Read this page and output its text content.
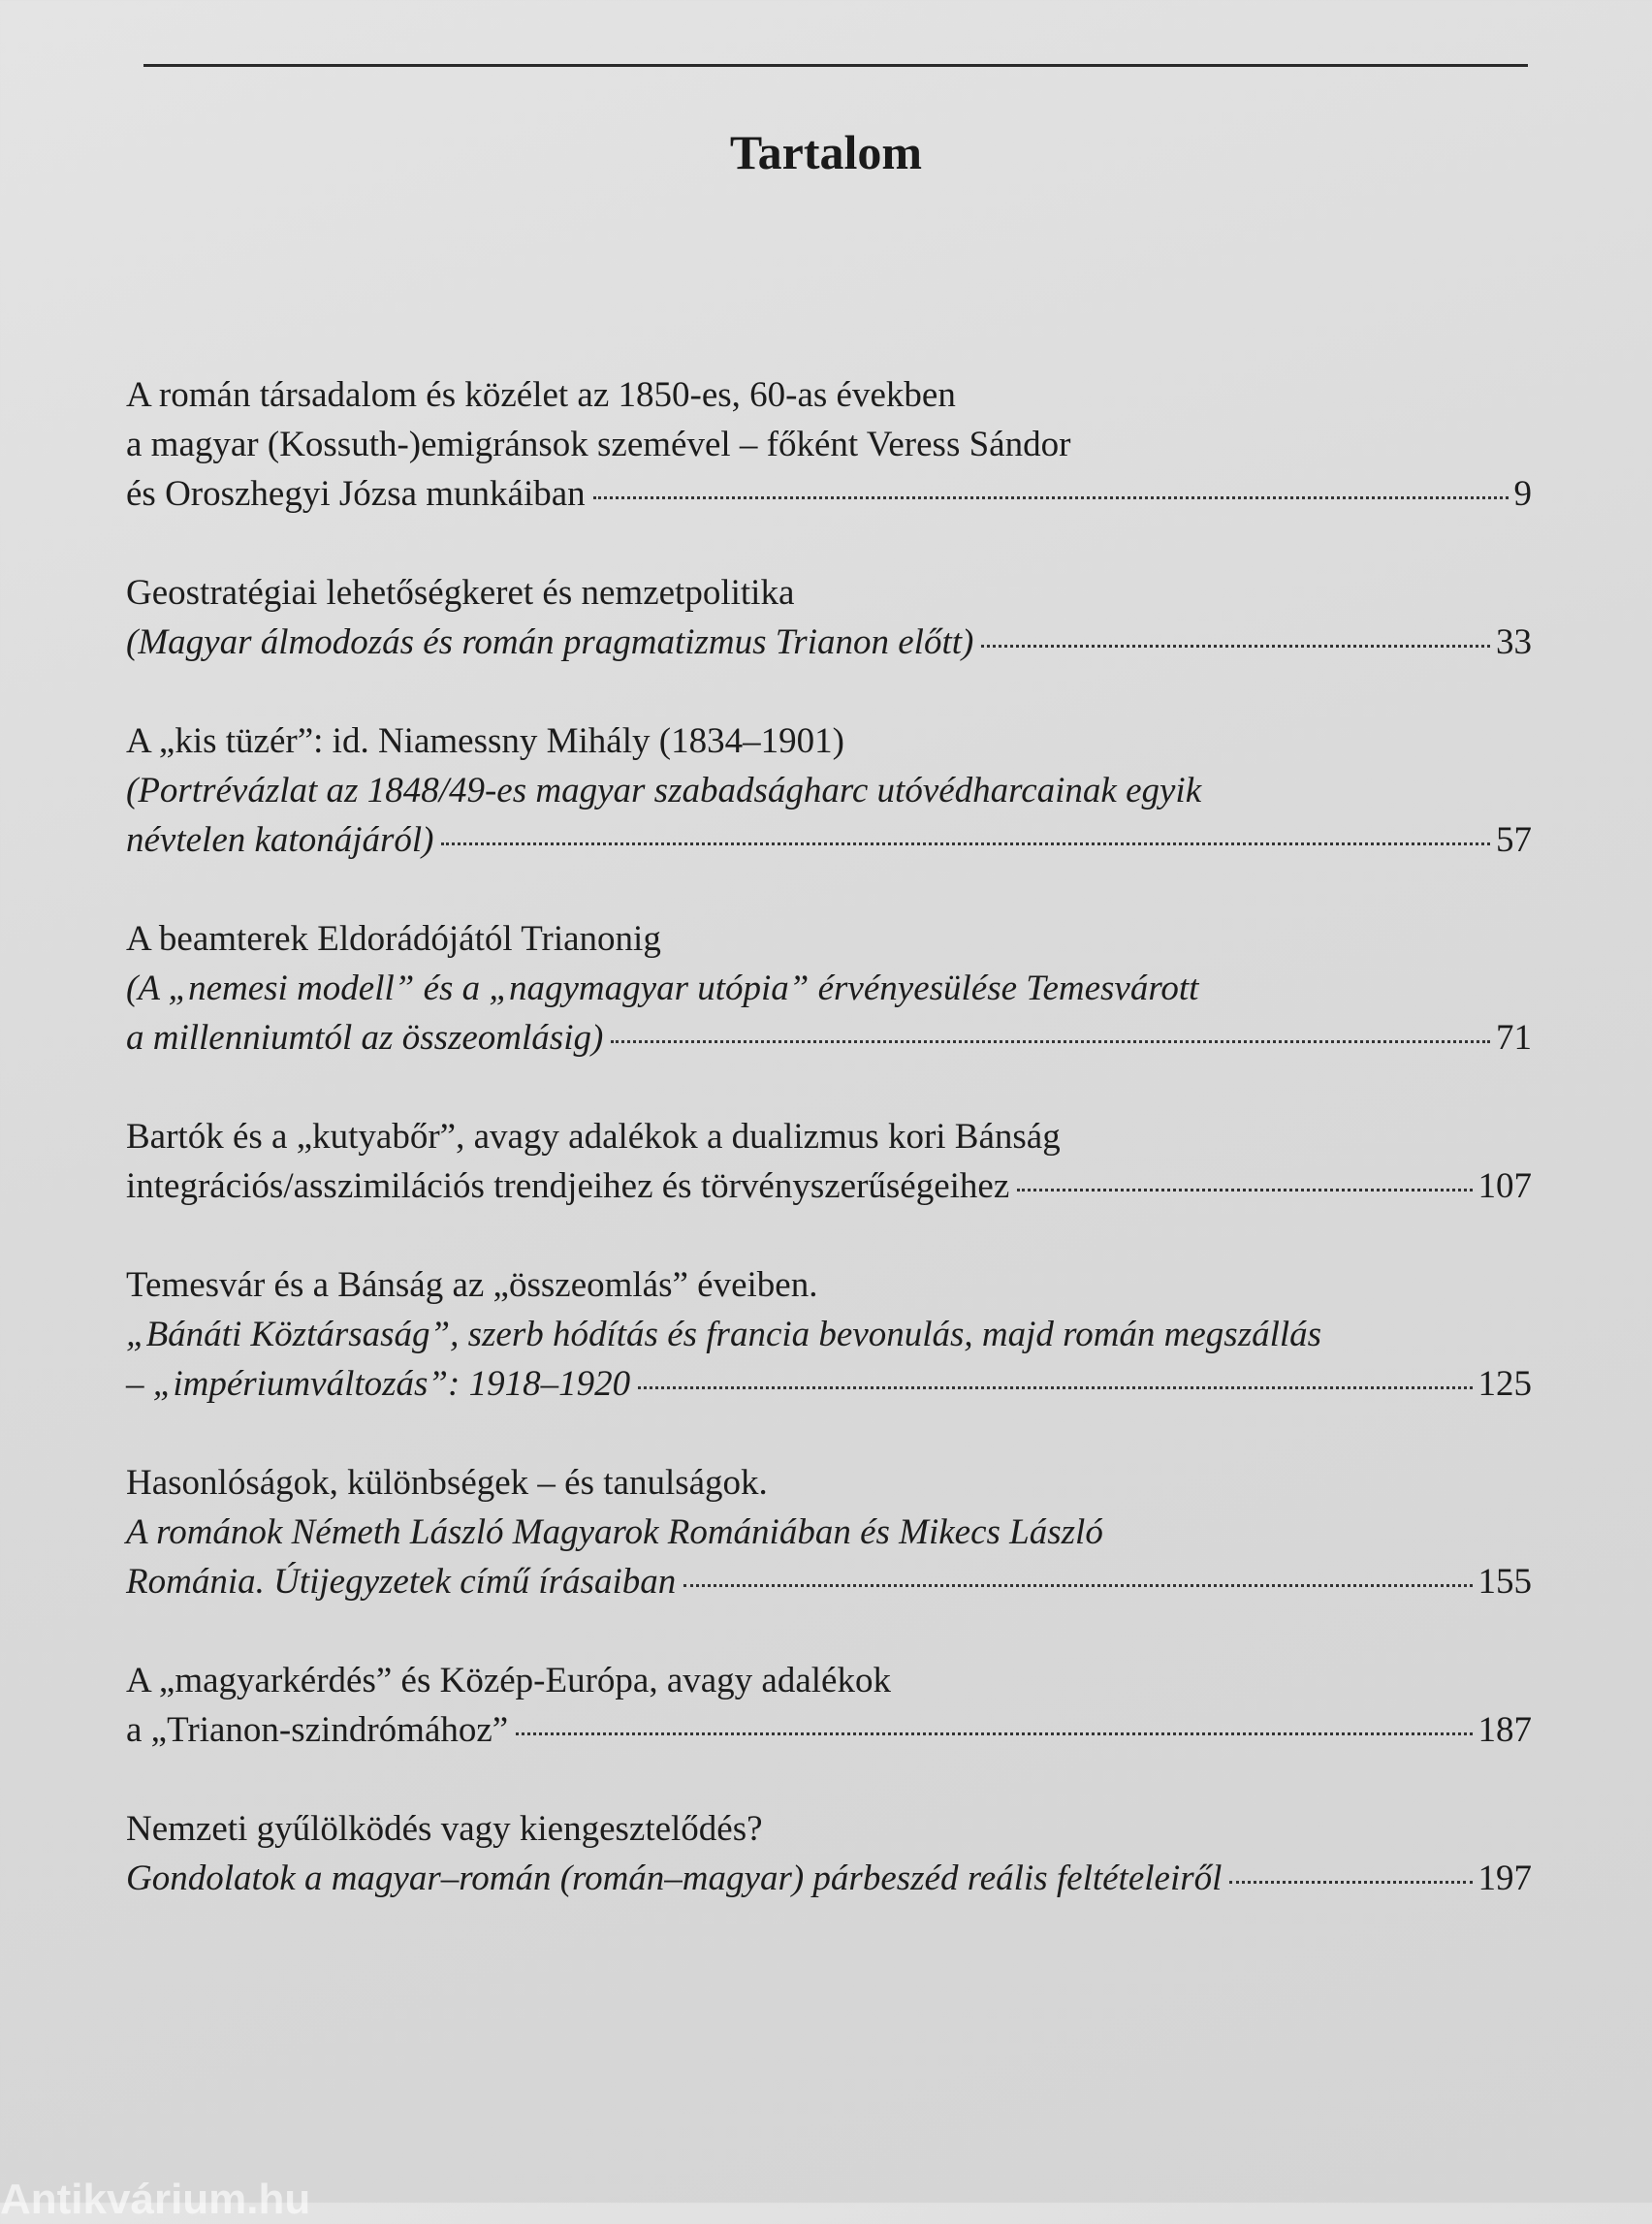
Tartalom
A román társadalom és közélet az 1850-es, 60-as években
a magyar (Kossuth-)emigránsok szemével – főként Veress Sándor
és Oroszhegyi Józsa munkáiban	9
Geostratégiai lehetőségkeret és nemzetpolitika
(Magyar álmodozás és román pragmatizmus Trianon előtt)	33
A „kis tüzér”: id. Niamessny Mihály (1834–1901)
(Portrévázlat az 1848/49-es magyar szabadságharc utóvédharcainak egyik
névtelen katonájáról)	57
A beamterek Eldorádójától Trianonig
(A „nemesi modell” és a „nagymagyar utópia” érvényesülése Temesvárott
a millenniumtól az összeomlásig)	71
Bartók és a „kutyabőr”, avagy adalékok a dualizmus kori Bánság
integrációs/asszimilációs trendjeihez és törvényszerűségeihez	107
Temesvár és a Bánság az „összeomlás” éveiben.
„Bánáti Köztársaság”, szerb hódítás és francia bevonulás, majd román megszállás
– „impériumváltozás”: 1918–1920	125
Hasonlóságok, különbségek – és tanulságok.
A románok Németh László Magyarok Romániában és Mikecs László
Románia. Útijegyzetek című írásaiban	155
A „magyarkérdés” és Közép-Európa, avagy adalékok
a „Trianon-szindrómához”	187
Nemzeti gyűlölködés vagy kiengesztelődés?
Gondolatok a magyar–román (román–magyar) párbeszéd reális feltételeiről	197
Antikvárium.hu
